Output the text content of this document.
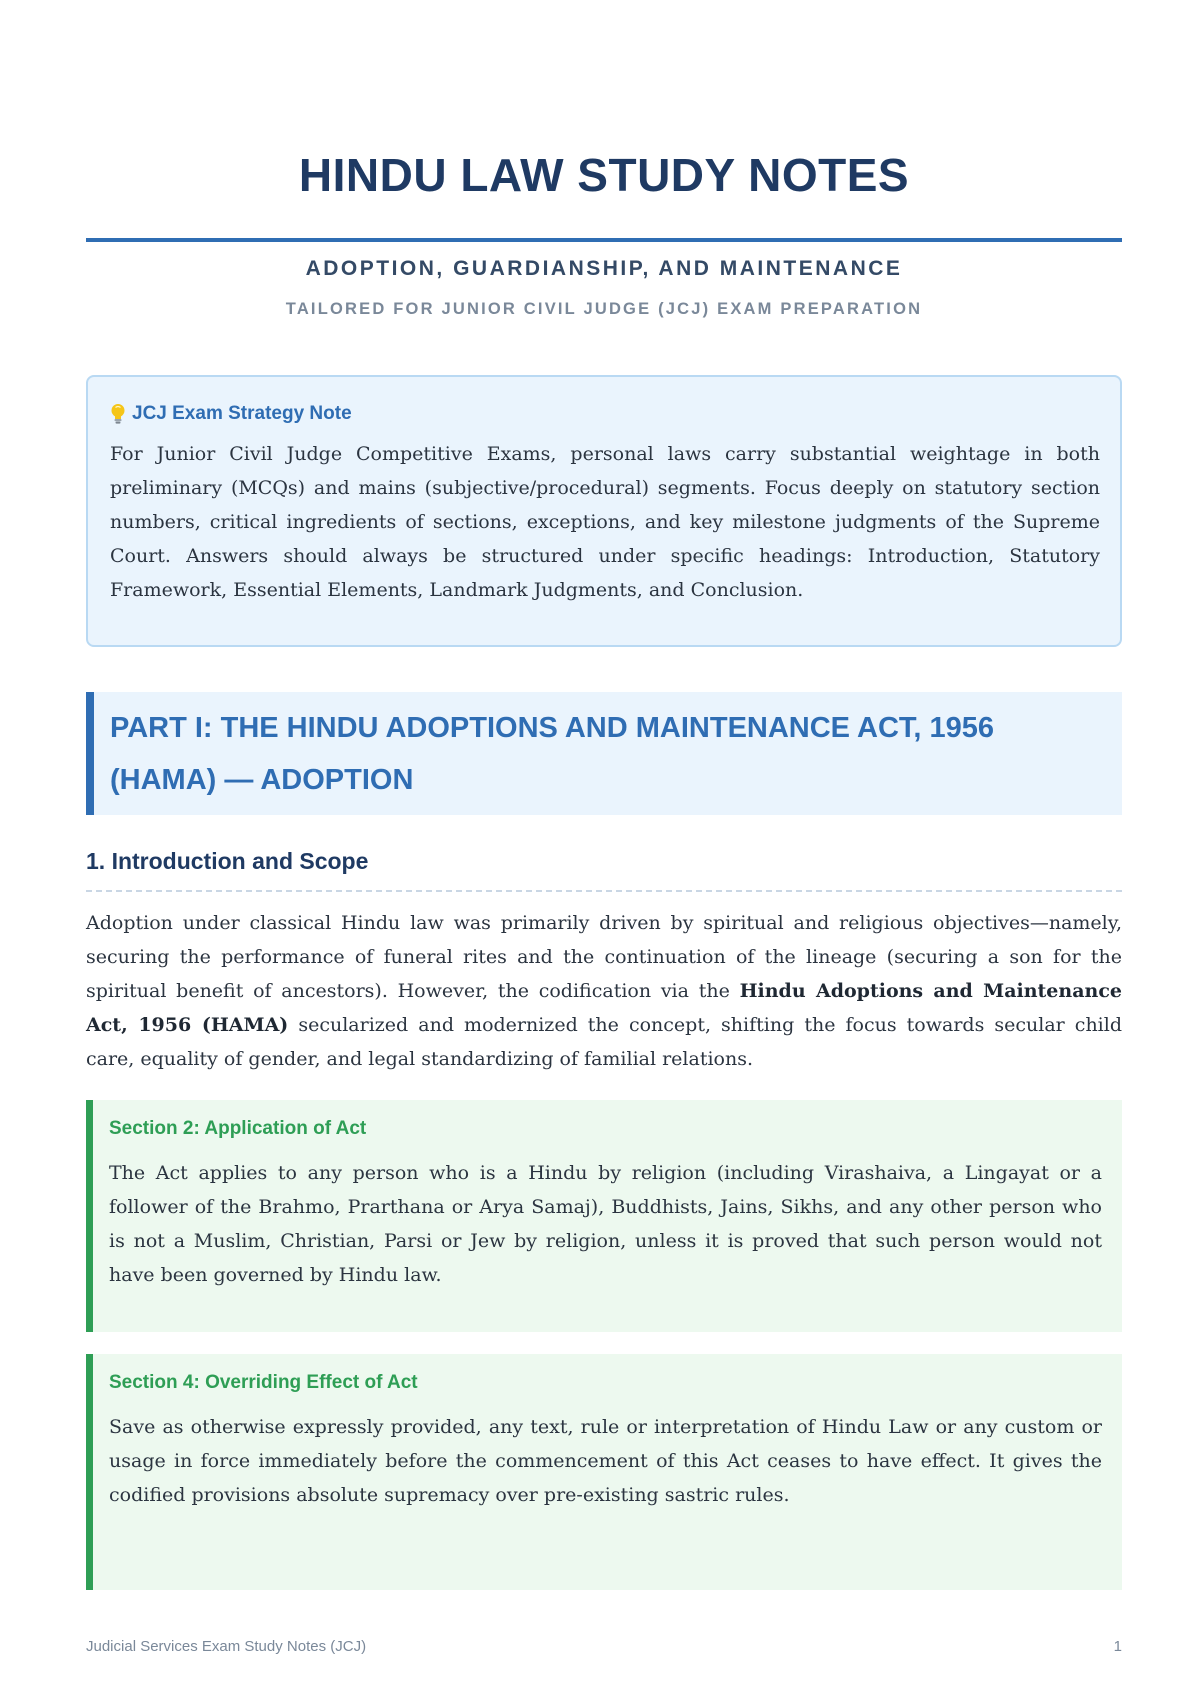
HINDU LAW STUDY NOTES
ADOPTION, GUARDIANSHIP, AND MAINTENANCE
TAILORED FOR JUNIOR CIVIL JUDGE (JCJ) EXAM PREPARATION
JCJ Exam Strategy Note
For Junior Civil Judge Competitive Exams, personal laws carry substantial weightage in both preliminary (MCQs) and mains (subjective/procedural) segments. Focus deeply on statutory section numbers, critical ingredients of sections, exceptions, and key milestone judgments of the Supreme Court. Answers should always be structured under specific headings: Introduction, Statutory Framework, Essential Elements, Landmark Judgments, and Conclusion.
PART I: THE HINDU ADOPTIONS AND MAINTENANCE ACT, 1956 (HAMA) — ADOPTION
1. Introduction and Scope

Adoption under classical Hindu law was primarily driven by spiritual and religious objectives—namely, securing the performance of funeral rites and the continuation of the lineage (securing a son for the spiritual benefit of ancestors). However, the codification via the Hindu Adoptions and Maintenance Act, 1956 (HAMA) secularized and modernized the concept, shifting the focus towards secular child care, equality of gender, and legal standardizing of familial relations.

Section 2: Application of Act
The Act applies to any person who is a Hindu by religion (including Virashaiva, a Lingayat or a follower of the Brahmo, Prarthana or Arya Samaj), Buddhists, Jains, Sikhs, and any other person who is not a Muslim, Christian, Parsi or Jew by religion, unless it is proved that such person would not have been governed by Hindu law.
Section 4: Overriding Effect of Act
Save as otherwise expressly provided, any text, rule or interpretation of Hindu Law or any custom or usage in force immediately before the commencement of this Act ceases to have effect. It gives the codified provisions absolute supremacy over pre-existing sastric rules.
Judicial Services Exam Study Notes (JCJ)	1
